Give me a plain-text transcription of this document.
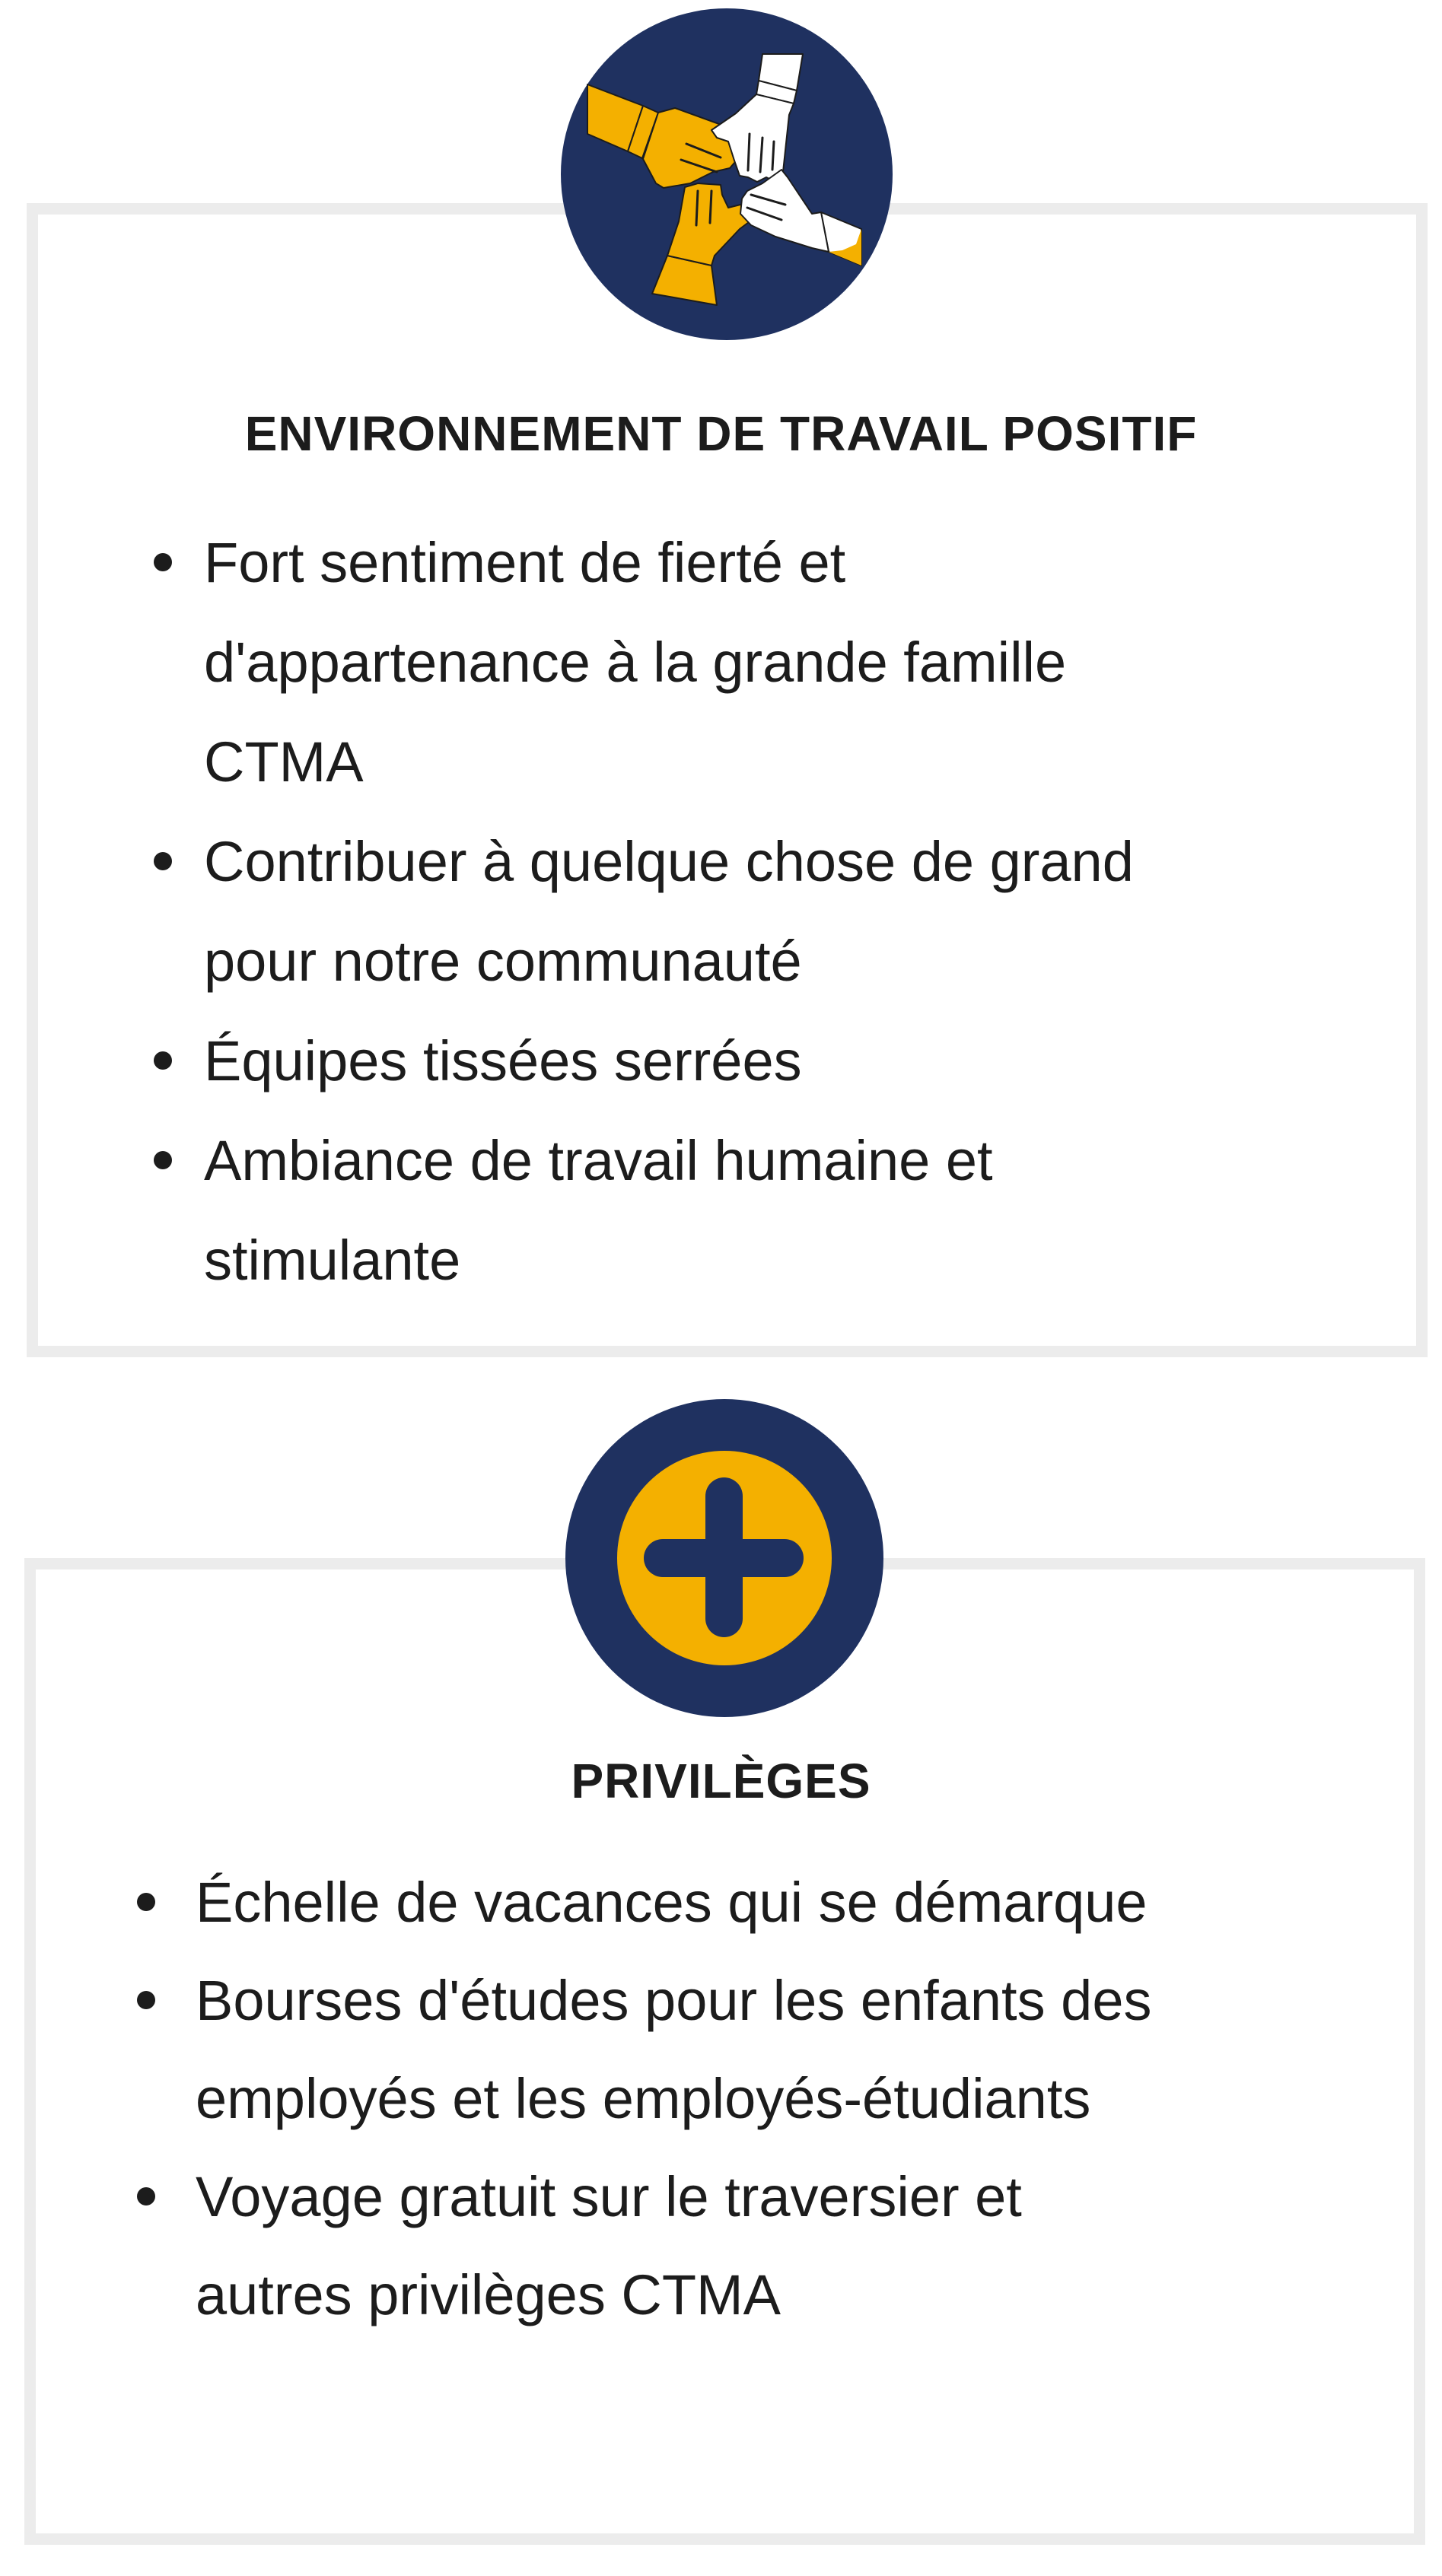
ENVIRONNEMENT DE TRAVAIL POSITIF
Fort sentiment de fierté et
d'appartenance à la grande famille
CTMA
Contribuer à quelque chose de grand
pour notre communauté
Équipes tissées serrées
Ambiance de travail humaine et
stimulante
PRIVILÈGES
Échelle de vacances qui se démarque
Bourses d'études pour les enfants des
employés et les employés-étudiants
Voyage gratuit sur le traversier et
autres privilèges CTMA
